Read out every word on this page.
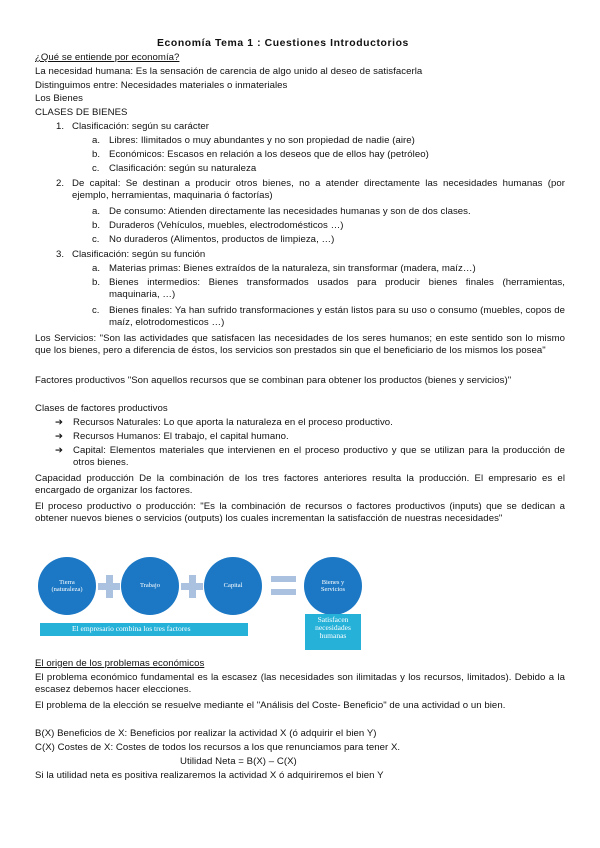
Economía Tema 1 : Cuestiones Introductorios
¿Qué se entiende por economía?
La necesidad humana: Es la sensación de carencia de algo unido al deseo de satisfacerla
Distinguimos entre: Necesidades materiales o inmateriales
Los Bienes
CLASES DE BIENES
1. Clasificación: según su carácter
a. Libres: Ilimitados o muy abundantes y no son propiedad de nadie (aire)
b. Económicos: Escasos en relación a los deseos que de ellos hay (petróleo)
c. Clasificación: según su naturaleza
2. De capital: Se destinan a producir otros bienes, no a atender directamente las necesidades humanas (por ejemplo, herramientas, maquinaria ó factorías)
a. De consumo: Atienden directamente las necesidades humanas y son de dos clases.
b. Duraderos (Vehículos, muebles, electrodomésticos …)
c. No duraderos (Alimentos, productos de limpieza, …)
3. Clasificación: según su función
a. Materias primas: Bienes extraídos de la naturaleza, sin transformar (madera, maíz…)
b. Bienes intermedios: Bienes transformados usados para producir bienes finales (herramientas, maquinaria, …)
c. Bienes finales: Ya han sufrido transformaciones y están listos para su uso o consumo (muebles, copos de maíz, elotrodomesticos …)
Los Servicios: "Son las actividades que satisfacen las necesidades de los seres humanos; en este sentido son lo mismo que los bienes, pero a diferencia de éstos, los servicios son prestados sin que el beneficiario de los mismos los posea"
Factores productivos "Son aquellos recursos que se combinan para obtener los productos (bienes y servicios)"
Clases de factores productivos
➔ Recursos Naturales: Lo que aporta la naturaleza en el proceso productivo.
➔ Recursos Humanos: El trabajo, el capital humano.
➔ Capital: Elementos materiales que intervienen en el proceso productivo y que se utilizan para la producción de otros bienes.
Capacidad producción De la combinación de los tres factores anteriores resulta la producción. El empresario es el encargado de organizar los factores.
El proceso productivo o producción: "Es la combinación de recursos o factores productivos (inputs) que se dedican a obtener nuevos bienes o servicios (outputs) los cuales incrementan la satisfacción de nuestras necesidades"
Tierra
(naturaleza)
Trabajo	Capital
Bienes y
Servicios
El empresario combina los tres factores
Satisfacen
necesidades
humanas
El origen de los problemas económicos
El problema económico fundamental es la escasez (las necesidades son ilimitadas y los recursos, limitados). Debido a la escasez debemos hacer elecciones.
El problema de la elección se resuelve mediante el "Análisis del Coste- Beneficio" de una actividad o un bien.
B(X) Beneficios de X: Beneficios por realizar la actividad X (ó adquirir el bien Y)
C(X) Costes de X: Costes de todos los recursos a los que renunciamos para tener X.
Utilidad Neta = B(X) – C(X)
Si la utilidad neta es positiva realizaremos la actividad X ó adquiriremos el bien Y
